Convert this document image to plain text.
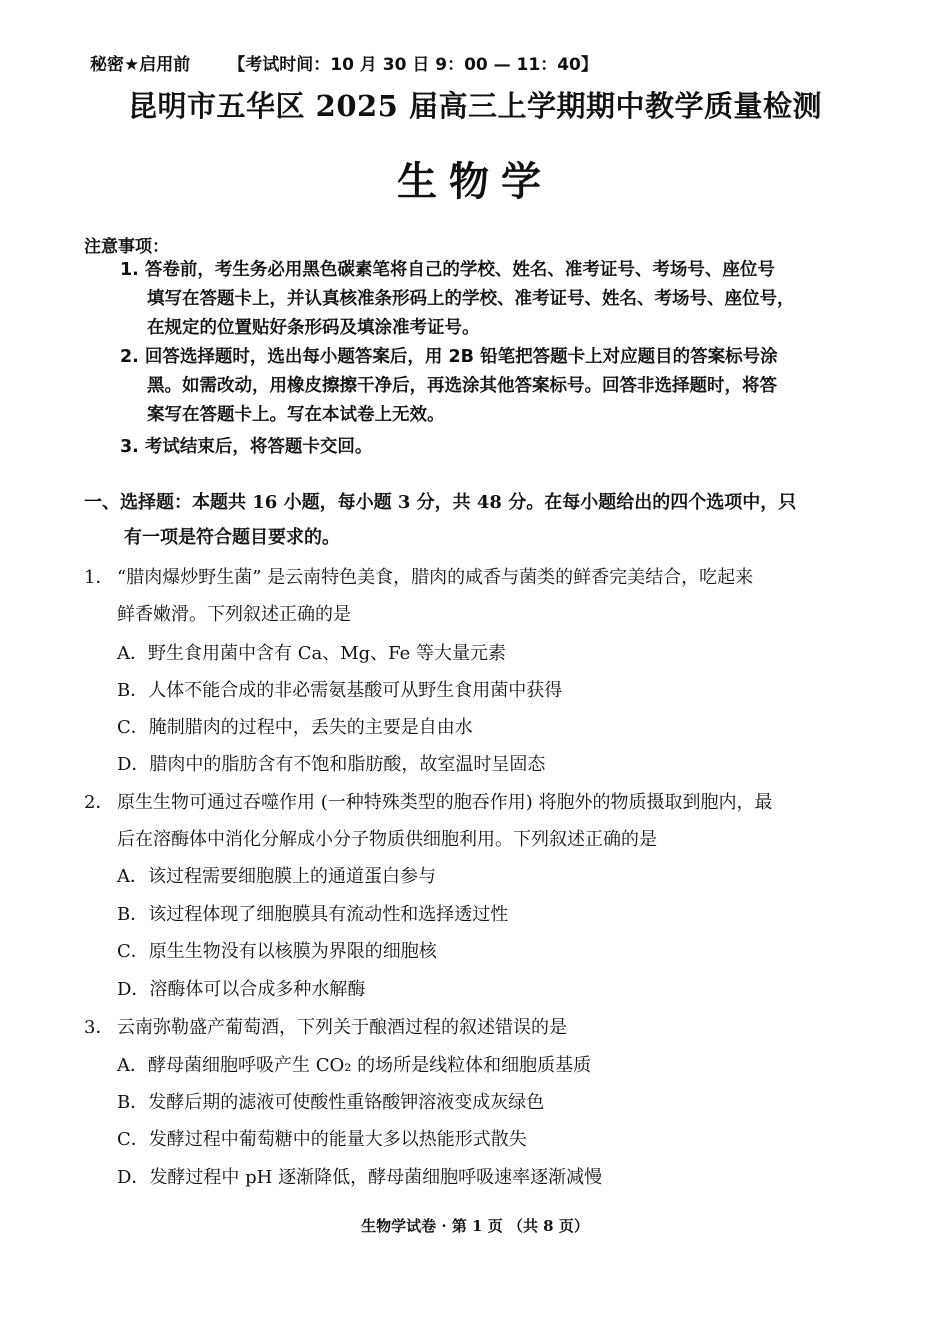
秘密★启用前 【考试时间：10 月 30 日 9：00 — 11：40】
昆明市五华区 2025 届高三上学期期中教学质量检测
生物学
注意事项：
1. 答卷前，考生务必用黑色碳素笔将自己的学校、姓名、准考证号、考场号、座位号
填写在答题卡上，并认真核准条形码上的学校、准考证号、姓名、考场号、座位号，
在规定的位置贴好条形码及填涂准考证号。
2. 回答选择题时，选出每小题答案后，用 2B 铅笔把答题卡上对应题目的答案标号涂
黑。如需改动，用橡皮擦擦干净后，再选涂其他答案标号。回答非选择题时，将答
案写在答题卡上。写在本试卷上无效。
3. 考试结束后，将答题卡交回。
一、选择题：本题共 16 小题，每小题 3 分，共 48 分。在每小题给出的四个选项中，只
有一项是符合题目要求的。
1． “腊肉爆炒野生菌” 是云南特色美食，腊肉的咸香与菌类的鲜香完美结合，吃起来
鲜香嫩滑。下列叙述正确的是
A．野生食用菌中含有 Ca、Mg、Fe 等大量元素
B．人体不能合成的非必需氨基酸可从野生食用菌中获得
C．腌制腊肉的过程中，丢失的主要是自由水
D．腊肉中的脂肪含有不饱和脂肪酸，故室温时呈固态
2． 原生生物可通过吞噬作用 (一种特殊类型的胞吞作用) 将胞外的物质摄取到胞内，最
后在溶酶体中消化分解成小分子物质供细胞利用。下列叙述正确的是
A．该过程需要细胞膜上的通道蛋白参与
B．该过程体现了细胞膜具有流动性和选择透过性
C．原生生物没有以核膜为界限的细胞核
D．溶酶体可以合成多种水解酶
3． 云南弥勒盛产葡萄酒，下列关于酿酒过程的叙述错误的是
A．酵母菌细胞呼吸产生 CO₂ 的场所是线粒体和细胞质基质
B．发酵后期的滤液可使酸性重铬酸钾溶液变成灰绿色
C．发酵过程中葡萄糖中的能量大多以热能形式散失
D．发酵过程中 pH 逐渐降低，酵母菌细胞呼吸速率逐渐减慢
生物学试卷 · 第 1 页 （共 8 页）
